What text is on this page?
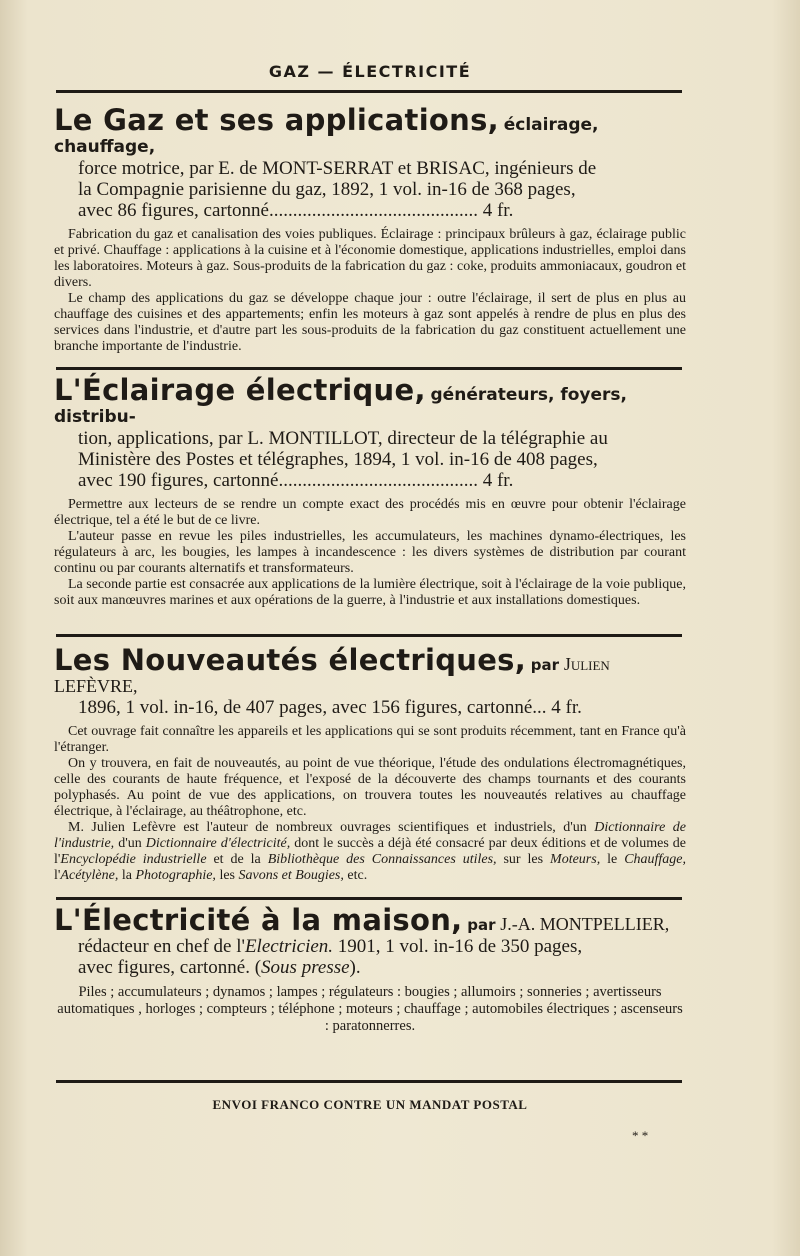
GAZ — ÉLECTRICITÉ
Le Gaz et ses applications, éclairage, chauffage,
force motrice, par E. de MONT-SERRAT et BRISAC, ingénieurs de
la Compagnie parisienne du gaz, 1892, 1 vol. in-16 de 368 pages,
avec 86 figures, cartonné............................................ 4 fr.

Fabrication du gaz et canalisation des voies publiques. Éclairage : principaux brûleurs à gaz, éclairage public et privé. Chauffage : applications à la cuisine et à l'économie domestique, applications industrielles, emploi dans les laboratoires. Moteurs à gaz. Sous-produits de la fabrication du gaz : coke, produits ammoniacaux, goudron et divers.

Le champ des applications du gaz se développe chaque jour : outre l'éclairage, il sert de plus en plus au chauffage des cuisines et des appartements; enfin les moteurs à gaz sont appelés à rendre de plus en plus des services dans l'industrie, et d'autre part les sous-produits de la fabrication du gaz constituent actuellement une branche importante de l'industrie.

L'Éclairage électrique, générateurs, foyers, distribu-
tion, applications, par L. MONTILLOT, directeur de la télégraphie au
Ministère des Postes et télégraphes, 1894, 1 vol. in-16 de 408 pages,
avec 190 figures, cartonné.......................................... 4 fr.

Permettre aux lecteurs de se rendre un compte exact des procédés mis en œuvre pour obtenir l'éclairage électrique, tel a été le but de ce livre.

L'auteur passe en revue les piles industrielles, les accumulateurs, les machines dynamo-électriques, les régulateurs à arc, les bougies, les lampes à incandescence : les divers systèmes de distribution par courant continu ou par courants alternatifs et transformateurs.

La seconde partie est consacrée aux applications de la lumière électrique, soit à l'éclairage de la voie publique, soit aux manœuvres marines et aux opérations de la guerre, à l'industrie et aux installations domestiques.

Les Nouveautés électriques, par Julien LEFÈVRE,
1896, 1 vol. in-16, de 407 pages, avec 156 figures, cartonné... 4 fr.

Cet ouvrage fait connaître les appareils et les applications qui se sont produits récemment, tant en France qu'à l'étranger.

On y trouvera, en fait de nouveautés, au point de vue théorique, l'étude des ondulations électromagnétiques, celle des courants de haute fréquence, et l'exposé de la découverte des champs tournants et des courants polyphasés. Au point de vue des applications, on trouvera toutes les nouveautés relatives au chauffage électrique, à l'éclairage, au théâtrophone, etc.

M. Julien Lefèvre est l'auteur de nombreux ouvrages scientifiques et industriels, d'un Dictionnaire de l'industrie, d'un Dictionnaire d'électricité, dont le succès a déjà été consacré par deux éditions et de volumes de l'Encyclopédie industrielle et de la Bibliothèque des Connaissances utiles, sur les Moteurs, le Chauffage, l'Acétylène, la Photographie, les Savons et Bougies, etc.

L'Électricité à la maison, par J.-A. MONTPELLIER,
rédacteur en chef de l'Electricien. 1901, 1 vol. in-16 de 350 pages,
avec figures, cartonné. (Sous presse).

Piles ; accumulateurs ; dynamos ; lampes ; régulateurs : bougies ; allumoirs ; sonneries ; avertisseurs automatiques , horloges ; compteurs ; téléphone ; moteurs ; chauffage ; automobiles électriques ; ascenseurs : paratonnerres.

ENVOI FRANCO CONTRE UN MANDAT POSTAL
* *
